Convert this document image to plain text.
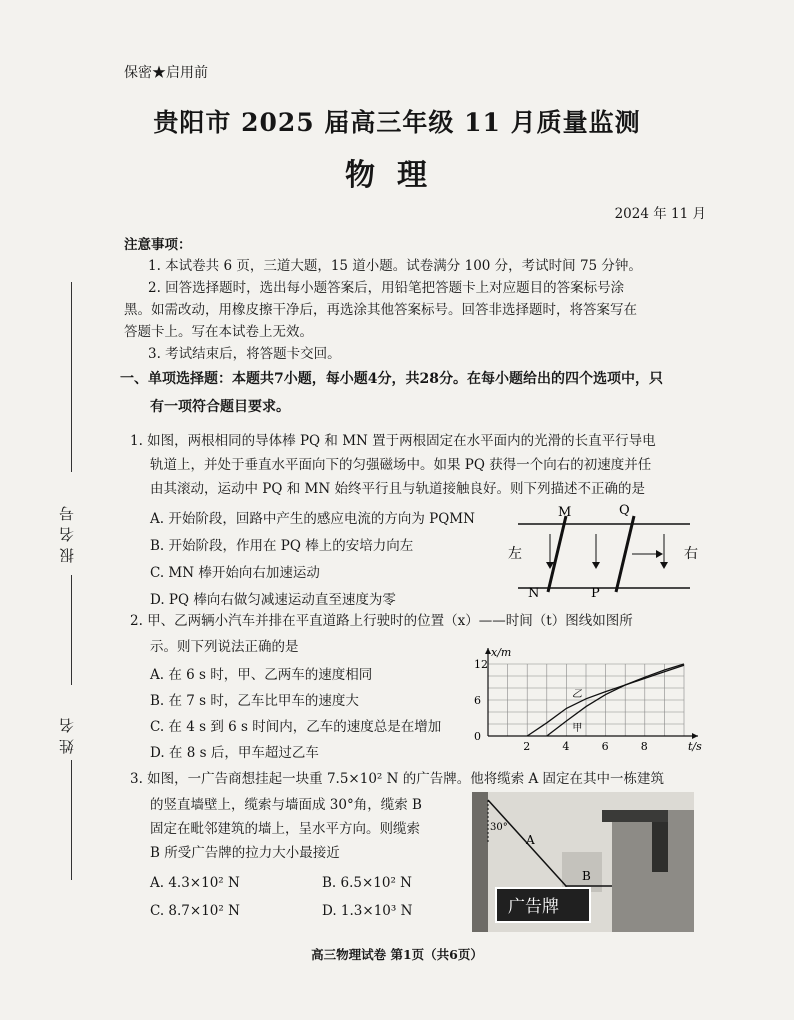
保密★启用前
贵阳市 2025 届高三年级 11 月质量监测
物理
2024 年 11 月
报名号
姓名
注意事项：
1. 本试卷共 6 页，三道大题，15 道小题。试卷满分 100 分，考试时间 75 分钟。
2. 回答选择题时，选出每小题答案后，用铅笔把答题卡上对应题目的答案标号涂
黑。如需改动，用橡皮擦干净后，再选涂其他答案标号。回答非选择题时，将答案写在
答题卡上。写在本试卷上无效。
3. 考试结束后，将答题卡交回。
一、单项选择题：本题共7小题，每小题4分，共28分。在每小题给出的四个选项中，只
有一项符合题目要求。
1. 如图，两根相同的导体棒 PQ 和 MN 置于两根固定在水平面内的光滑的长直平行导电
轨道上，并处于垂直水平面向下的匀强磁场中。如果 PQ 获得一个向右的初速度并任
由其滚动，运动中 PQ 和 MN 始终平行且与轨道接触良好。则下列描述不正确的是
A. 开始阶段，回路中产生的感应电流的方向为 PQMN
B. 开始阶段，作用在 PQ 棒上的安培力向左
C. MN 棒开始向右加速运动
D. PQ 棒向右做匀减速运动直至速度为零
M	Q
N	P
左	右
2. 甲、乙两辆小汽车并排在平直道路上行驶时的位置（x）——时间（t）图线如图所
示。则下列说法正确的是
A. 在 6 s 时，甲、乙两车的速度相同
B. 在 7 s 时，乙车比甲车的速度大
C. 在 4 s 到 6 s 时间内，乙车的速度总是在增加
D. 在 8 s 后，甲车超过乙车	2	4	6	8
0
6
12
t/s
x/m
乙
甲
3. 如图，一广告商想挂起一块重 7.5×10² N 的广告牌。他将缆索 A 固定在其中一栋建筑
的竖直墙壁上，缆索与墙面成 30°角，缆索 B
固定在毗邻建筑的墙上，呈水平方向。则缆索
B 所受广告牌的拉力大小最接近
A. 4.3×10² N	B. 6.5×10² N
C. 8.7×10² N	D. 1.3×10³ N
30°
A
B
广告牌
高三物理试卷 第1页（共6页）
